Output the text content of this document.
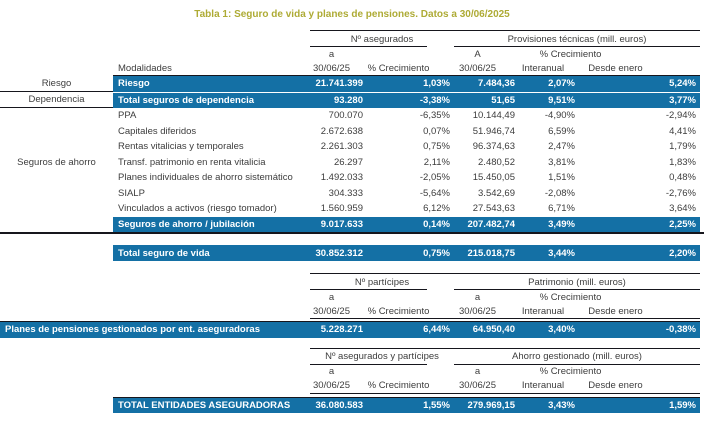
Tabla 1: Seguro de vida y planes de pensiones. Datos a 30/06/2025
Nº asegurados	Provisiones técnicas (mill. euros)
a	A	% Crecimiento
Modalidades	30/06/25	% Crecimiento	30/06/25	Interanual	Desde enero
Riesgo	Riesgo	21.741.399	1,03%	7.484,36	2,07%	5,24%
Dependencia	Total seguros de dependencia	93.280	-3,38%	51,65	9,51%	3,77%
PPA	700.070	-6,35%	10.144,49	-4,90%	-2,94%
Capitales diferidos	2.672.638	0,07%	51.946,74	6,59%	4,41%
Rentas vitalicias y temporales	2.261.303	0,75%	96.374,63	2,47%	1,79%
Seguros de ahorro	Transf. patrimonio en renta vitalicia	26.297	2,11%	2.480,52	3,81%	1,83%
Planes individuales de ahorro sistemático	1.492.033	-2,05%	15.450,05	1,51%	0,48%
SIALP	304.333	-5,64%	3.542,69	-2,08%	-2,76%
Vinculados a activos (riesgo tomador)	1.560.959	6,12%	27.543,63	6,71%	3,64%
Seguros de ahorro / jubilación	9.017.633	0,14%	207.482,74	3,49%	2,25%
Total seguro de vida	30.852.312	0,75%	215.018,75	3,44%	2,20%
Nº partícipes	Patrimonio (mill. euros)
a	a	% Crecimiento
30/06/25	% Crecimiento	30/06/25	Interanual	Desde enero
Planes de pensiones gestionados por ent. aseguradoras	5.228.271	6,44%	64.950,40	3,40%	-0,38%
Nº asegurados y partícipes	Ahorro gestionado (mill. euros)
a	a	% Crecimiento
30/06/25	% Crecimiento	30/06/25	Interanual	Desde enero
TOTAL ENTIDADES ASEGURADORAS	36.080.583	1,55%	279.969,15	3,43%	1,59%
